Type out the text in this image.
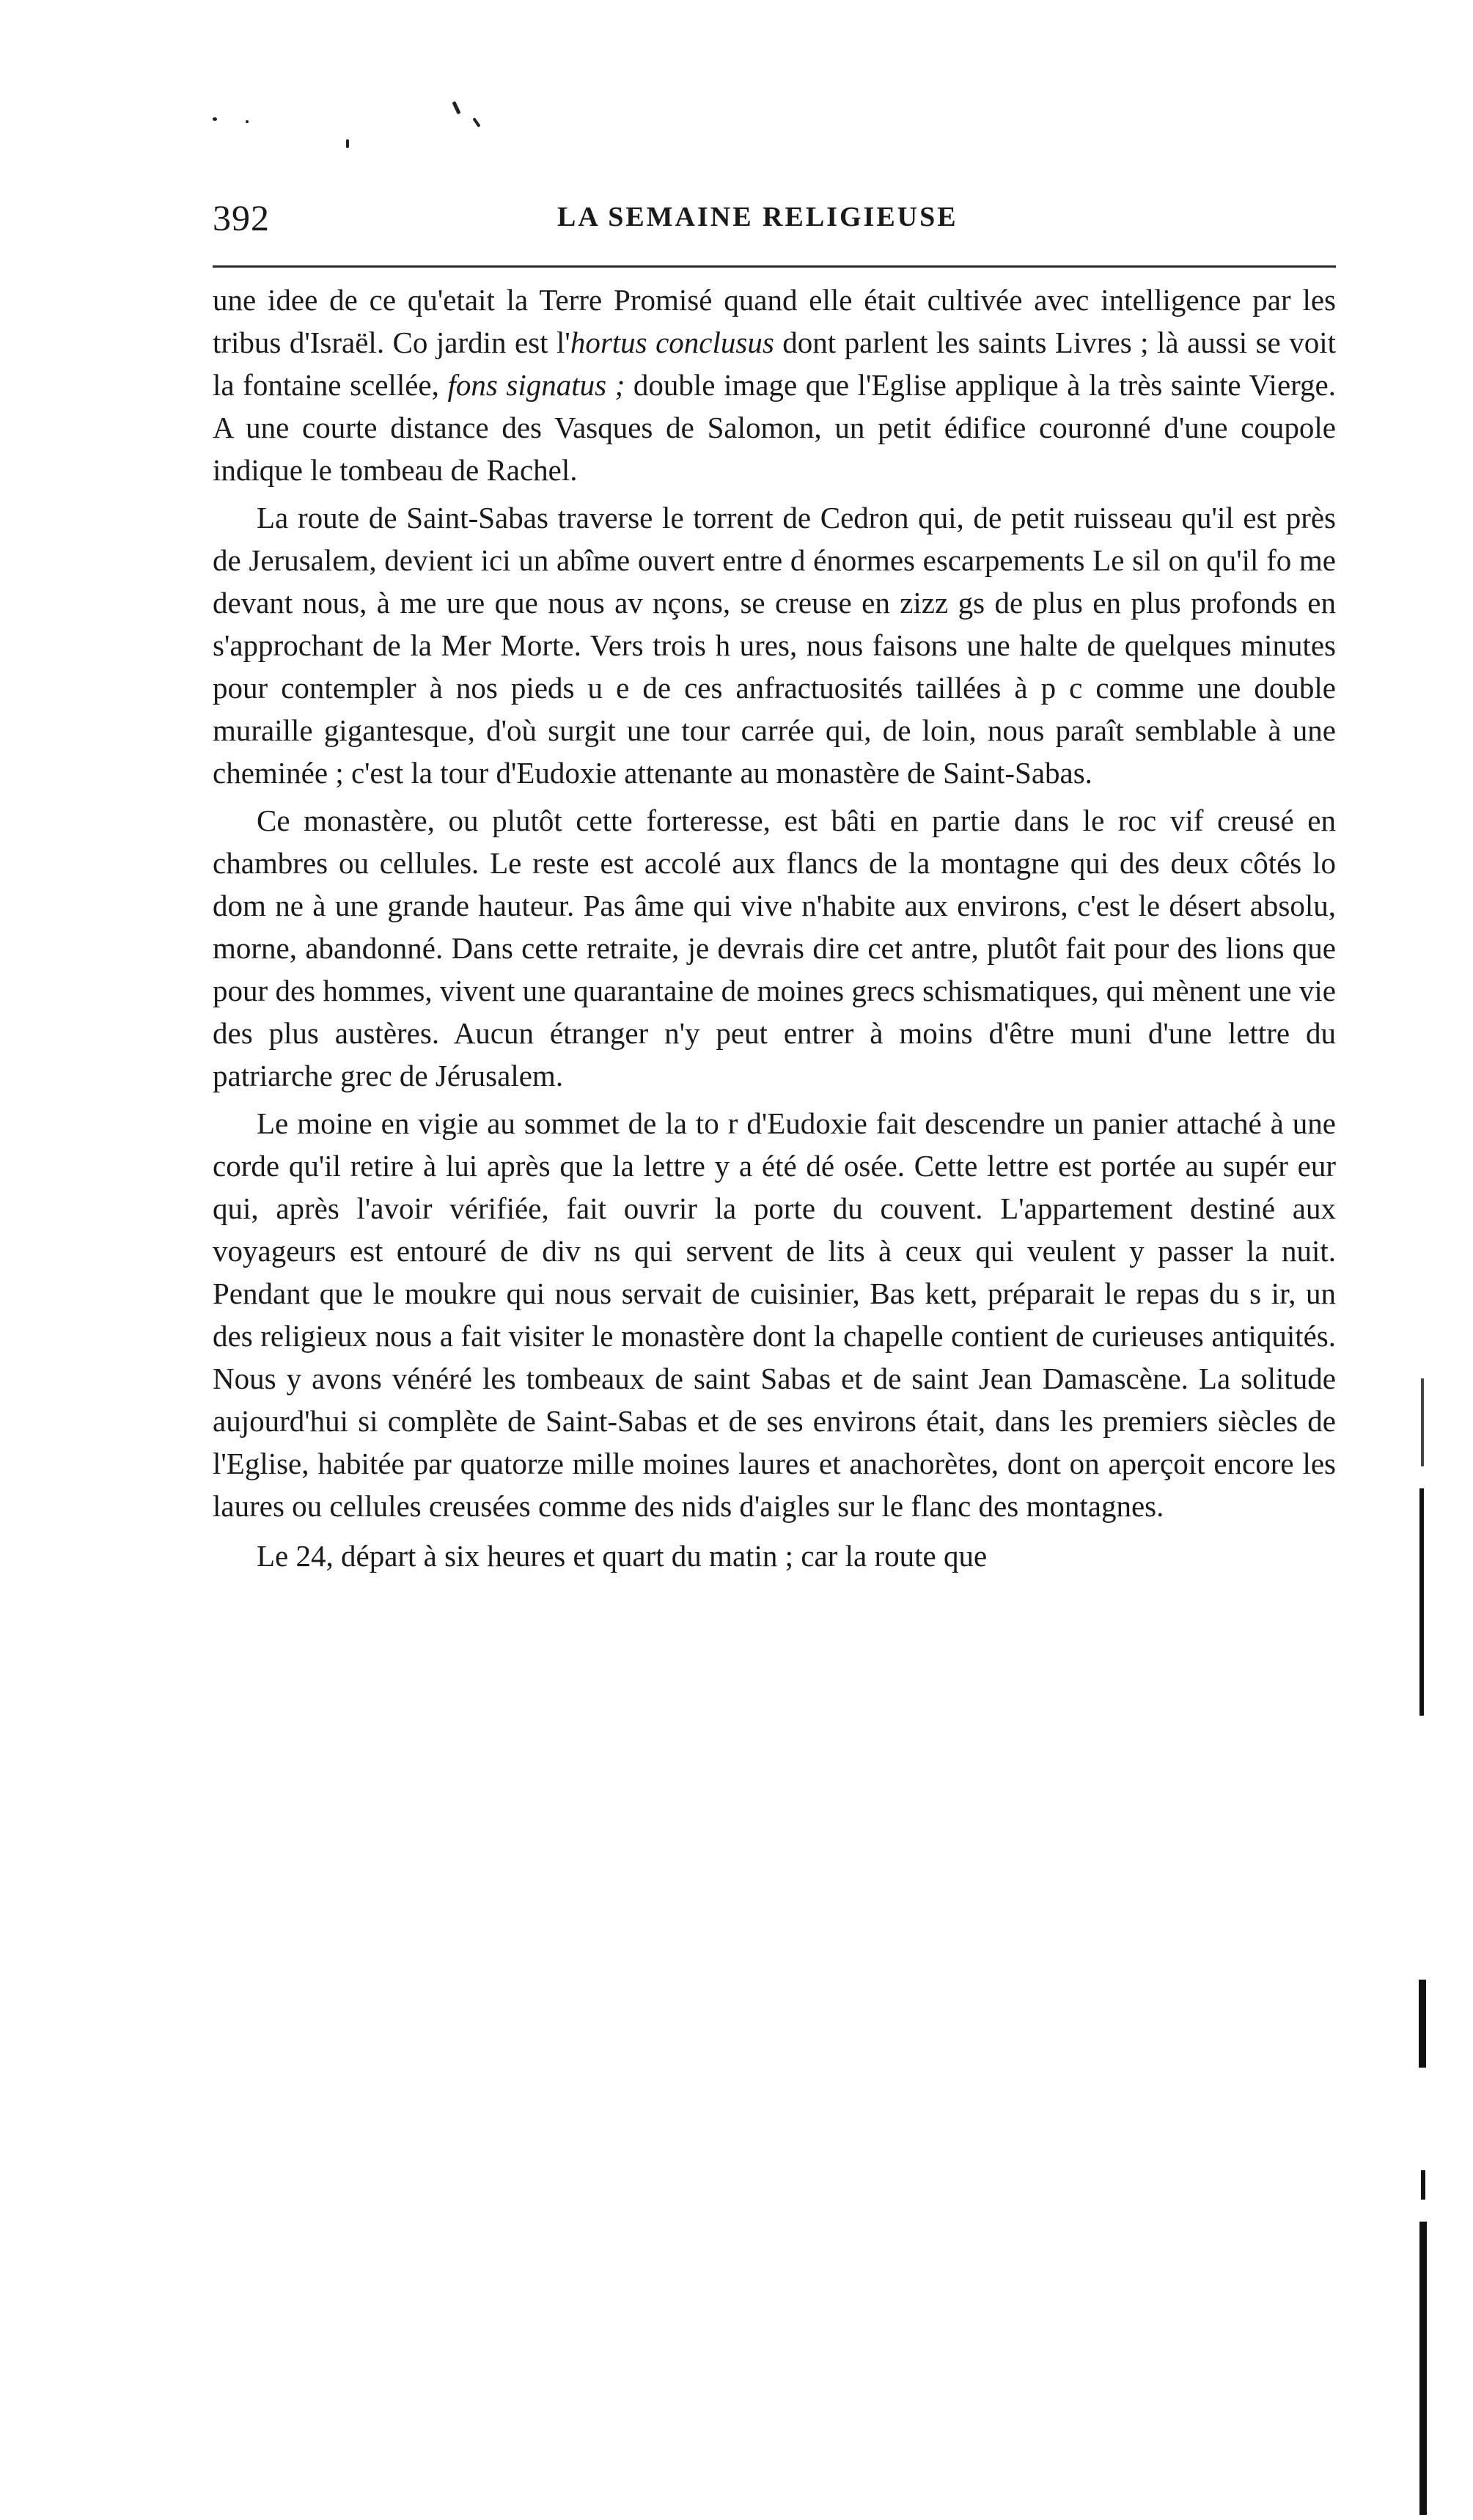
392	LA SEMAINE RELIGIEUSE

une idee de ce qu'etait la Terre Promisé quand elle était cultivée avec intelligence par les tribus d'Israël. Co jardin est l'hortus conclusus dont parlent les saints Livres ; là aussi se voit la fontaine scellée, fons signatus ; double image que l'Eglise applique à la très sainte Vierge. A une courte distance des Vasques de Salomon, un petit édifice couronné d'une coupole indique le tombeau de Rachel.

La route de Saint-Sabas traverse le torrent de Cedron qui, de petit ruisseau qu'il est près de Jerusalem, devient ici un abîme ouvert entre d énormes escarpements Le sil on qu'il fo me devant nous, à me ure que nous av nçons, se creuse en zizz gs de plus en plus profonds en s'approchant de la Mer Morte. Vers trois h ures, nous faisons une halte de quelques minutes pour contempler à nos pieds u e de ces anfractuosités taillées à p c comme une double muraille gigantesque, d'où surgit une tour carrée qui, de loin, nous paraît semblable à une cheminée ; c'est la tour d'Eudoxie attenante au monastère de Saint-Sabas.

Ce monastère, ou plutôt cette forteresse, est bâti en partie dans le roc vif creusé en chambres ou cellules. Le reste est accolé aux flancs de la montagne qui des deux côtés lo dom ne à une grande hauteur. Pas âme qui vive n'habite aux environs, c'est le désert absolu, morne, abandonné. Dans cette retraite, je devrais dire cet antre, plutôt fait pour des lions que pour des hommes, vivent une quarantaine de moines grecs schismatiques, qui mènent une vie des plus austères. Aucun étranger n'y peut entrer à moins d'être muni d'une lettre du patriarche grec de Jérusalem.

Le moine en vigie au sommet de la to r d'Eudoxie fait descendre un panier attaché à une corde qu'il retire à lui après que la lettre y a été dé osée. Cette lettre est portée au supér eur qui, après l'avoir vérifiée, fait ouvrir la porte du couvent. L'appartement destiné aux voyageurs est entouré de div ns qui servent de lits à ceux qui veulent y passer la nuit. Pendant que le moukre qui nous servait de cuisinier, Bas kett, préparait le repas du s ir, un des religieux nous a fait visiter le monastère dont la chapelle contient de curieuses antiquités. Nous y avons vénéré les tombeaux de saint Sabas et de saint Jean Damascène. La solitude aujourd'hui si complète de Saint-Sabas et de ses environs était, dans les premiers siècles de l'Eglise, habitée par quatorze mille moines laures et anachorètes, dont on aperçoit encore les laures ou cellules creusées comme des nids d'aigles sur le flanc des montagnes.

Le 24, départ à six heures et quart du matin ; car la route que
